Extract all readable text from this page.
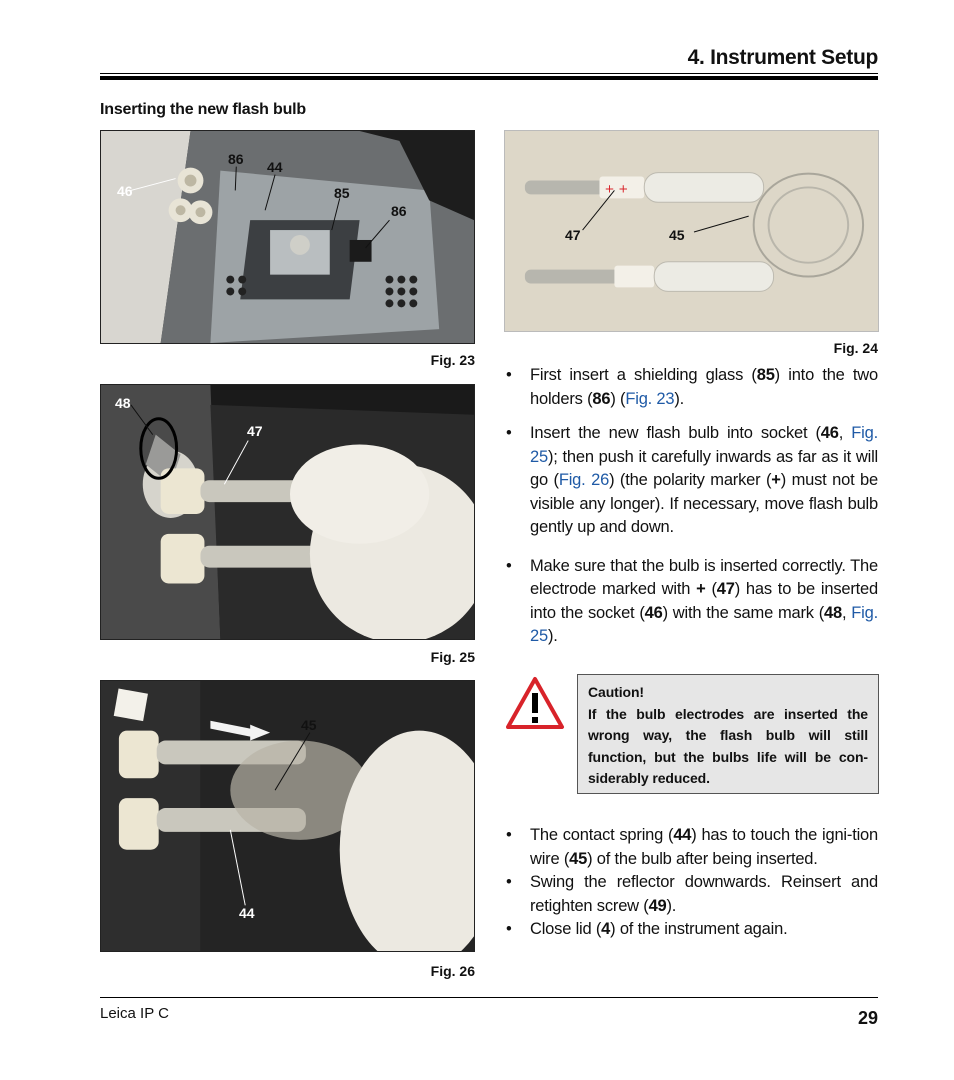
4. Instrument Setup
Inserting the new flash bulb
86 44
46	85
86
Fig. 23
+ +
47	45
Fig. 24
48
47
Fig. 25
45
44
Fig. 26
• First insert a shielding glass (85) into the two holders (86) (Fig. 23).
• Insert the new flash bulb into socket (46, Fig. 25); then push it carefully inwards as far as it will go (Fig. 26) (the polarity marker (+) must not be visible any longer). If necessary, move flash bulb gently up and down.
• Make sure that the bulb is inserted correctly. The electrode marked with + (47) has to be inserted into the socket (46) with the same mark (48, Fig. 25).
Caution!
If the bulb electrodes are inserted the wrong way, the flash bulb will still function, but the bulbs life will be con-siderably reduced.
• The contact spring (44) has to touch the igni-tion wire (45) of the bulb after being inserted.
• Swing the reflector downwards. Reinsert and retighten screw (49).
• Close lid (4) of the instrument again.
Leica IP C	29
